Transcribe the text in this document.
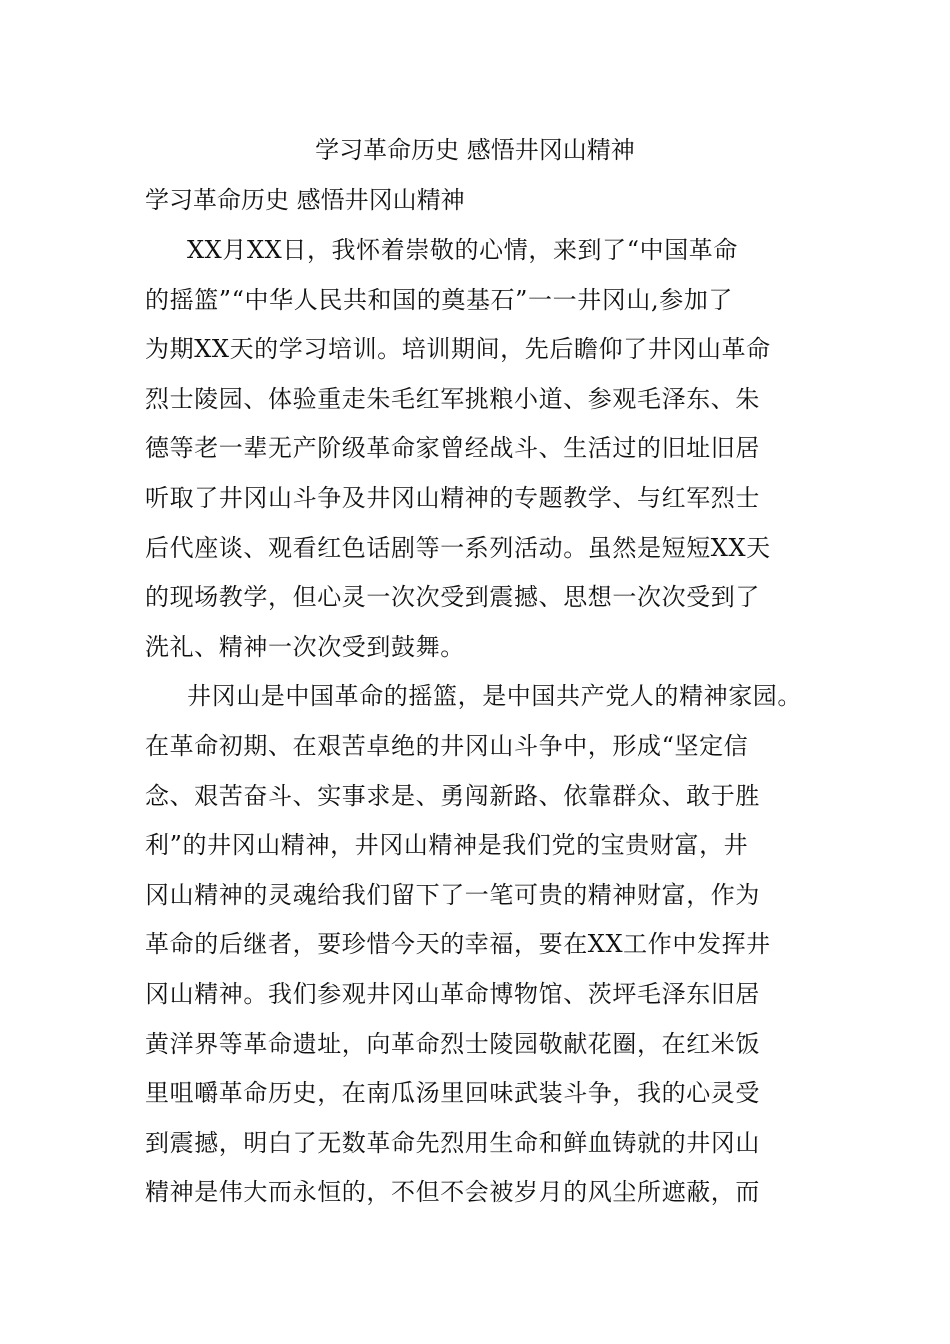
学习革命历史 感悟井冈山精神
学习革命历史 感悟井冈山精神
XX月XX日，我怀着崇敬的心情，来到了“中国革命
的摇篮”“中华人民共和国的奠基石”一一井冈山,参加了
为期XX天的学习培训。培训期间，先后瞻仰了井冈山革命
烈士陵园、体验重走朱毛红军挑粮小道、参观毛泽东、朱
德等老一辈无产阶级革命家曾经战斗、生活过的旧址旧居
听取了井冈山斗争及井冈山精神的专题教学、与红军烈士
后代座谈、观看红色话剧等一系列活动。虽然是短短XX天
的现场教学，但心灵一次次受到震撼、思想一次次受到了
洗礼、精神一次次受到鼓舞。
井冈山是中国革命的摇篮，是中国共产党人的精神家园。
在革命初期、在艰苦卓绝的井冈山斗争中，形成“坚定信
念、艰苦奋斗、实事求是、勇闯新路、依靠群众、敢于胜
利”的井冈山精神，井冈山精神是我们党的宝贵财富，井
冈山精神的灵魂给我们留下了一笔可贵的精神财富，作为
革命的后继者，要珍惜今天的幸福，要在XX工作中发挥井
冈山精神。我们参观井冈山革命博物馆、茨坪毛泽东旧居
黄洋界等革命遗址，向革命烈士陵园敬献花圈，在红米饭
里咀嚼革命历史，在南瓜汤里回味武装斗争，我的心灵受
到震撼，明白了无数革命先烈用生命和鲜血铸就的井冈山
精神是伟大而永恒的，不但不会被岁月的风尘所遮蔽，而
